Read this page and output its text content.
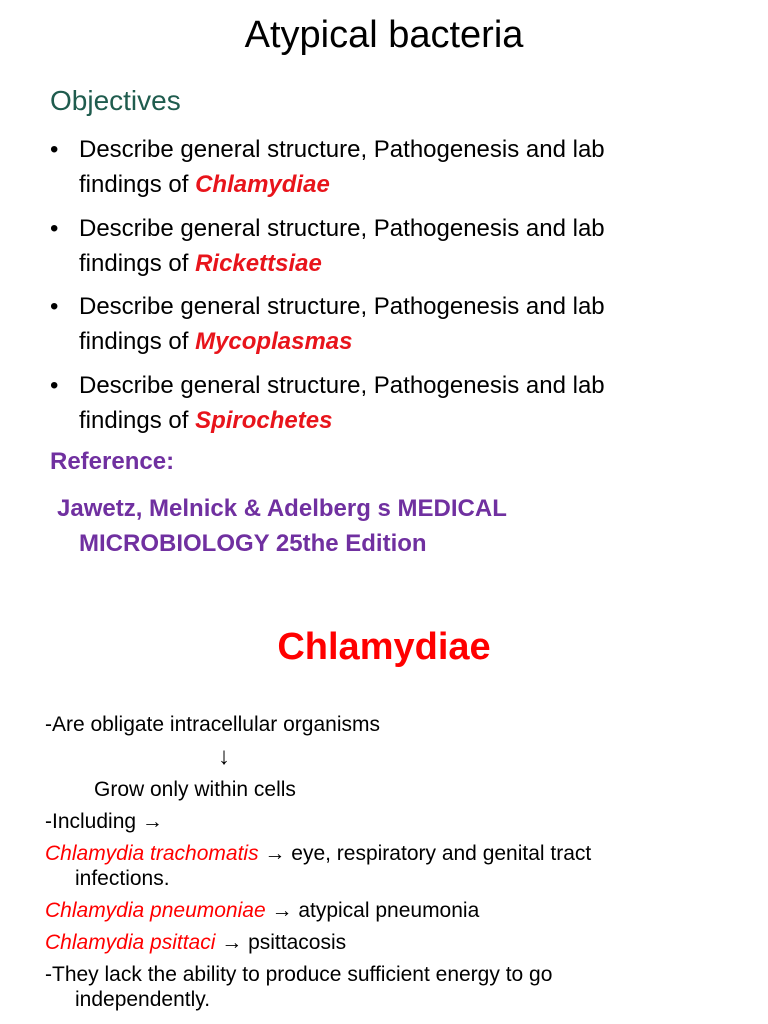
Atypical bacteria
Objectives
• Describe general structure, Pathogenesis and lab
findings of Chlamydiae
• Describe general structure, Pathogenesis and lab
findings of Rickettsiae
• Describe general structure, Pathogenesis and lab
findings of Mycoplasmas
• Describe general structure, Pathogenesis and lab
findings of Spirochetes
Reference:
Jawetz, Melnick & Adelberg s MEDICAL MICROBIOLOGY 25the Edition
Chlamydiae
-Are obligate intracellular organisms
↓
Grow only within cells
-Including →
Chlamydia trachomatis → eye, respiratory and genital tract
infections.
Chlamydia pneumoniae → atypical pneumonia
Chlamydia psittaci → psittacosis
-They lack the ability to produce sufficient energy to go
independently.
